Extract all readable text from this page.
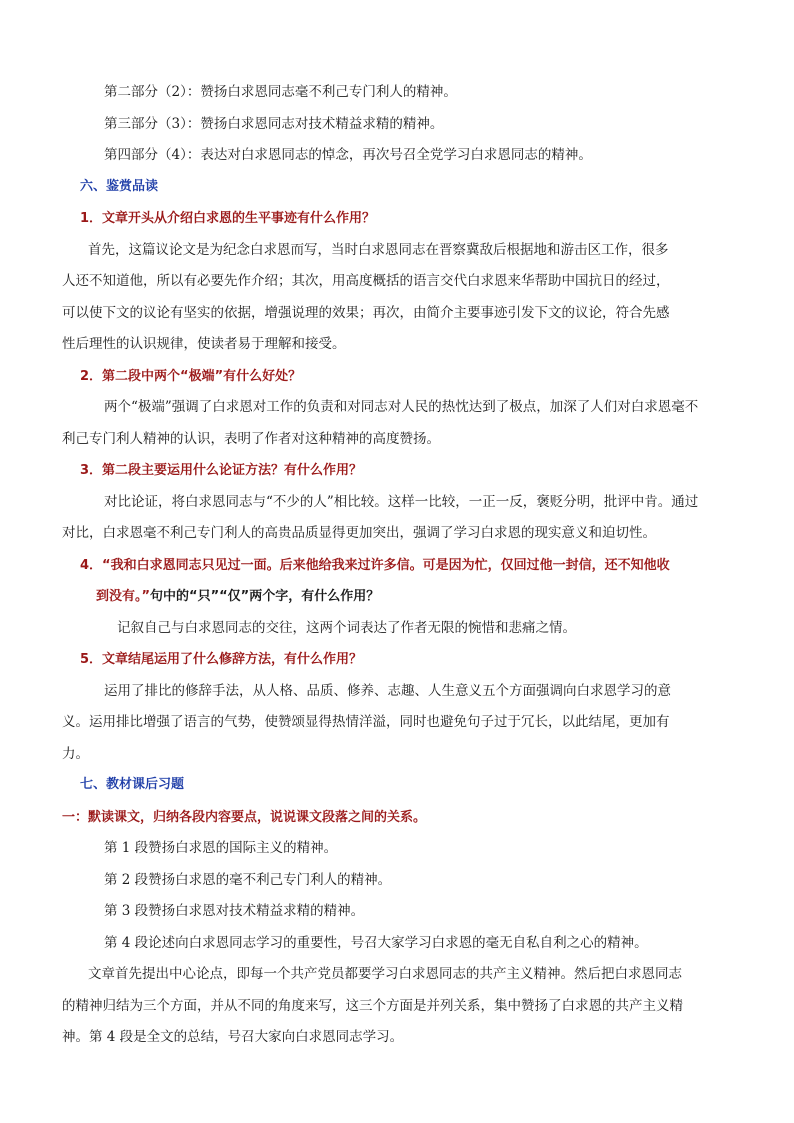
第二部分（2）：赞扬白求恩同志毫不利己专门利人的精神。
第三部分（3）：赞扬白求恩同志对技术精益求精的精神。
第四部分（4）：表达对白求恩同志的悼念，再次号召全党学习白求恩同志的精神。
六、鉴赏品读
1．文章开头从介绍白求恩的生平事迹有什么作用？
首先，这篇议论文是为纪念白求恩而写，当时白求恩同志在晋察冀敌后根据地和游击区工作，很多
人还不知道他，所以有必要先作介绍；其次，用高度概括的语言交代白求恩来华帮助中国抗日的经过，
可以使下文的议论有坚实的依据，增强说理的效果；再次，由简介主要事迹引发下文的议论，符合先感
性后理性的认识规律，使读者易于理解和接受。
2．第二段中两个“极端”有什么好处？
两个“极端”强调了白求恩对工作的负责和对同志对人民的热忱达到了极点，加深了人们对白求恩毫不
利己专门利人精神的认识，表明了作者对这种精神的高度赞扬。
3．第二段主要运用什么论证方法？有什么作用？
对比论证，将白求恩同志与“不少的人”相比较。这样一比较，一正一反，褒贬分明，批评中肯。通过
对比，白求恩毫不利己专门利人的高贵品质显得更加突出，强调了学习白求恩的现实意义和迫切性。
4．“我和白求恩同志只见过一面。后来他给我来过许多信。可是因为忙，仅回过他一封信，还不知他收
到没有。”句中的“只”“仅”两个字，有什么作用？
记叙自己与白求恩同志的交往，这两个词表达了作者无限的惋惜和悲痛之情。
5．文章结尾运用了什么修辞方法，有什么作用？
运用了排比的修辞手法，从人格、品质、修养、志趣、人生意义五个方面强调向白求恩学习的意
义。运用排比增强了语言的气势，使赞颂显得热情洋溢，同时也避免句子过于冗长，以此结尾，更加有
力。
七、教材课后习题
一：默读课文，归纳各段内容要点，说说课文段落之间的关系。
第 1 段赞扬白求恩的国际主义的精神。
第 2 段赞扬白求恩的毫不利己专门利人的精神。
第 3 段赞扬白求恩对技术精益求精的精神。
第 4 段论述向白求恩同志学习的重要性，号召大家学习白求恩的毫无自私自利之心的精神。
文章首先提出中心论点，即每一个共产党员都要学习白求恩同志的共产主义精神。然后把白求恩同志
的精神归结为三个方面，并从不同的角度来写，这三个方面是并列关系，集中赞扬了白求恩的共产主义精
神。第 4 段是全文的总结，号召大家向白求恩同志学习。
